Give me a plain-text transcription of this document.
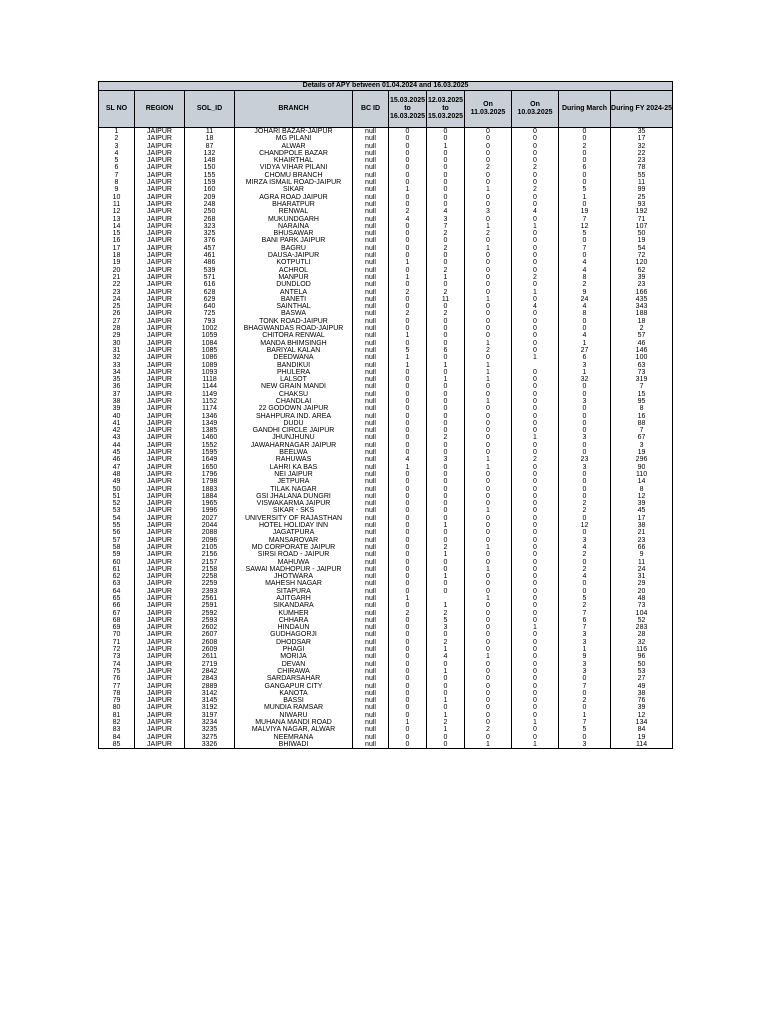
Details of APY between 01.04.2024 and 16.03.2025										
SL NO	REGION	SOL_ID	BRANCH	BC ID	15.03.2025 to 16.03.2025	12.03.2025 to 15.03.2025	On 11.03.2025	On 10.03.2025	During March	During FY 2024-25
1	JAIPUR	11	JOHARI BAZAR-JAIPUR	null	0	0	0	0	0	35
2	JAIPUR	18	MG PILANI	null	0	0	0	0	0	17
3	JAIPUR	87	ALWAR	null	0	1	0	0	2	32
4	JAIPUR	132	CHANDPOLE BAZAR	null	0	0	0	0	0	22
5	JAIPUR	148	KHAIRTHAL	null	0	0	0	0	0	23
6	JAIPUR	150	VIDYA VIHAR PILANI	null	0	0	2	2	6	78
7	JAIPUR	155	CHOMU BRANCH	null	0	0	0	0	0	55
8	JAIPUR	159	MIRZA ISMAIL ROAD-JAIPUR	null	0	0	0	0	0	11
9	JAIPUR	160	SIKAR	null	1	0	1	2	5	99
10	JAIPUR	209	AGRA ROAD JAIPUR	null	0	0	0	0	1	25
11	JAIPUR	248	BHARATPUR	null	0	0	0	0	0	93
12	JAIPUR	250	RENWAL	null	2	4	3	4	19	192
13	JAIPUR	268	MUKUNDGARH	null	4	3	0	0	7	71
14	JAIPUR	323	NARAINA	null	0	7	1	1	12	107
15	JAIPUR	325	BHUSAWAR	null	0	2	2	0	5	50
16	JAIPUR	376	BANI PARK JAIPUR	null	0	0	0	0	0	19
17	JAIPUR	457	BAGRU	null	0	2	1	0	7	54
18	JAIPUR	461	DAUSA-JAIPUR	null	0	0	0	0	0	72
19	JAIPUR	486	KOTPUTLI	null	1	0	0	0	4	120
20	JAIPUR	539	ACHROL	null	0	2	0	0	4	62
21	JAIPUR	571	MANPUR	null	1	1	0	2	8	39
22	JAIPUR	616	DUNDLOD	null	0	0	0	0	2	23
23	JAIPUR	628	ANTELA	null	2	2	0	1	9	166
24	JAIPUR	629	BANETI	null	0	11	1	0	24	435
25	JAIPUR	640	SAINTHAL	null	0	0	0	4	4	343
26	JAIPUR	725	BASWA	null	2	2	0	0	8	188
27	JAIPUR	793	TONK ROAD-JAIPUR	null	0	0	0	0	0	18
28	JAIPUR	1002	BHAGWANDAS ROAD-JAIPUR	null	0	0	0	0	0	2
29	JAIPUR	1059	CHITORA RENWAL	null	1	0	0	0	4	57
30	JAIPUR	1084	MANDA BHIMSINGH	null	0	0	1	0	1	46
31	JAIPUR	1085	BARIYAL KALAN	null	5	6	2	0	27	146
32	JAIPUR	1086	DEEDWANA	null	1	0	0	1	6	100
33	JAIPUR	1089	BANDIKUI	null	1	1	1		3	63
34	JAIPUR	1093	PHULERA	null	0	0	1	0	1	73
35	JAIPUR	1118	LALSOT	null	0	1	1	0	32	319
36	JAIPUR	1144	NEW GRAIN MANDI	null	0	0	0	0	0	7
37	JAIPUR	1149	CHAKSU	null	0	0	0	0	0	15
38	JAIPUR	1152	CHANDLAI	null	0	0	1	0	3	95
39	JAIPUR	1174	22 GODOWN JAIPUR	null	0	0	0	0	0	8
40	JAIPUR	1346	SHAHPURA IND. AREA	null	0	0	0	0	0	16
41	JAIPUR	1349	DUDU	null	0	0	0	0	0	88
42	JAIPUR	1385	GANDHI CIRCLE JAIPUR	null	0	0	0	0	0	7
43	JAIPUR	1460	JHUNJHUNU	null	0	2	0	1	3	67
44	JAIPUR	1552	JAWAHARNAGAR JAIPUR	null	0	0	0	0	0	3
45	JAIPUR	1595	BEELWA	null	0	0	0	0	0	19
46	JAIPUR	1649	RAHUWAS	null	4	3	1	2	23	296
47	JAIPUR	1650	LAHRI KA BAS	null	1	0	1	0	3	90
48	JAIPUR	1796	NEI JAIPUR	null	0	0	0	0	0	110
49	JAIPUR	1798	JETPURA	null	0	0	0	0	0	14
50	JAIPUR	1883	TILAK NAGAR	null	0	0	0	0	0	8
51	JAIPUR	1884	GSI JHALANA DUNGRI	null	0	0	0	0	0	12
52	JAIPUR	1965	VISWAKARMA JAIPUR	null	0	0	0	0	2	39
53	JAIPUR	1996	SIKAR - SKS	null	0	0	1	0	2	45
54	JAIPUR	2027	UNIVERSITY OF RAJASTHAN	null	0	0	0	0	0	17
55	JAIPUR	2044	HOTEL HOLIDAY INN	null	0	1	0	0	12	38
56	JAIPUR	2088	JAGATPURA	null	0	0	0	0	0	21
57	JAIPUR	2096	MANSAROVAR	null	0	0	0	0	3	23
58	JAIPUR	2105	MD CORPORATE JAIPUR	null	0	2	1	0	4	66
59	JAIPUR	2156	SIRSI ROAD - JAIPUR	null	0	1	0	0	2	9
60	JAIPUR	2157	MAHUWA	null	0	0	0	0	0	11
61	JAIPUR	2158	SAWAI MADHOPUR - JAIPUR	null	0	0	1	0	2	24
62	JAIPUR	2258	JHOTWARA	null	0	1	0	0	4	31
63	JAIPUR	2259	MAHESH NAGAR	null	0	0	0	0	0	29
64	JAIPUR	2393	SITAPURA	null	0	0	0	0	0	20
65	JAIPUR	2561	AJITGARH	null	1		1	0	5	48
66	JAIPUR	2591	SIKANDARA	null	0	1	0	0	2	73
67	JAIPUR	2592	KUMHER	null	2	2	0	0	7	104
68	JAIPUR	2593	CHHARA	null	0	5	0	0	6	52
69	JAIPUR	2602	HINDAUN	null	0	3	0	1	7	283
70	JAIPUR	2607	GUDHAGORJI	null	0	0	0	0	3	28
71	JAIPUR	2608	DHODSAR	null	0	2	0	0	3	32
72	JAIPUR	2609	PHAGI	null	0	1	0	0	1	116
73	JAIPUR	2611	MORIJA	null	0	4	1	0	9	96
74	JAIPUR	2719	DEVAN	null	0	0	0	0	3	50
75	JAIPUR	2842	CHIRAWA	null	0	1	0	0	3	53
76	JAIPUR	2843	SARDARSAHAR	null	0	0	0	0	0	27
77	JAIPUR	2889	GANGAPUR CITY	null	0	0	0	0	7	49
78	JAIPUR	3142	KANOTA	null	0	0	0	0	0	38
79	JAIPUR	3145	BASSI	null	0	1	0	0	2	76
80	JAIPUR	3192	MUNDIA RAMSAR	null	0	0	0	0	0	39
81	JAIPUR	3197	NIWARU	null	0	1	0	0	1	12
82	JAIPUR	3234	MUHANA MANDI ROAD	null	1	2	0	1	7	134
83	JAIPUR	3235	MALVIYA NAGAR, ALWAR	null	0	1	2	0	5	84
84	JAIPUR	3275	NEEMRANA	null	0	0	0	0	0	19
85	JAIPUR	3326	BHIWADI	null	0	0	1	1	3	114
